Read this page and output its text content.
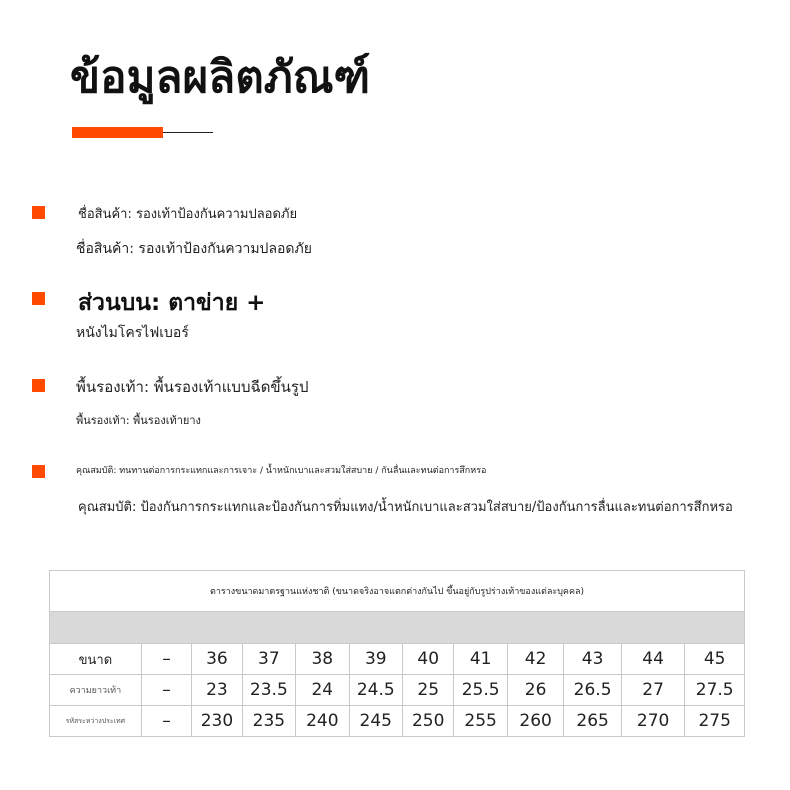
ข้อมูลผลิตภัณฑ์
ชื่อสินค้า: รองเท้าป้องกันความปลอดภัย
ชื่อสินค้า: รองเท้าป้องกันความปลอดภัย
ส่วนบน: ตาข่าย +
หนังไมโครไฟเบอร์
พื้นรองเท้า: พื้นรองเท้าแบบฉีดขึ้นรูป
พื้นรองเท้า: พื้นรองเท้ายาง
คุณสมบัติ: ทนทานต่อการกระแทกและการเจาะ / น้ำหนักเบาและสวมใส่สบาย / กันลื่นและทนต่อการสึกหรอ
คุณสมบัติ: ป้องกันการกระแทกและป้องกันการทิ่มแทง/น้ำหนักเบาและสวมใส่สบาย/ป้องกันการลื่นและทนต่อการสึกหรอ
ตารางขนาดมาตรฐานแห่งชาติ (ขนาดจริงอาจแตกต่างกันไป ขึ้นอยู่กับรูปร่างเท้าของแต่ละบุคคล)											

ขนาด	–	36	37	38	39	40	41	42	43	44	45
ความยาวเท้า	–	23	23.5	24	24.5	25	25.5	26	26.5	27	27.5
รหัสระหว่างประเทศ	–	230	235	240	245	250	255	260	265	270	275
